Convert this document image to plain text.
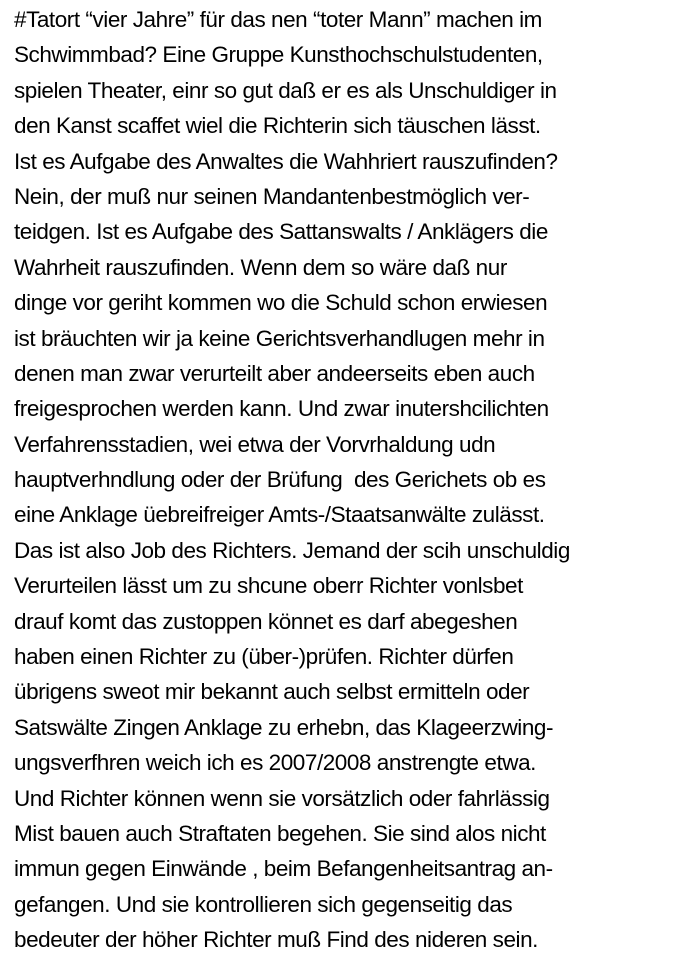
#Tatort “vier Jahre” für das nen “toter Mann” machen im
Schwimmbad? Eine Gruppe Kunsthochschulstudenten,
spielen Theater, einr so gut daß er es als Unschuldiger in
den Kanst scaffet wiel die Richterin sich täuschen lässt.
Ist es Aufgabe des Anwaltes die Wahhriert rauszufinden?
Nein, der muß nur seinen Mandantenbestmöglich ver-
teidgen. Ist es Aufgabe des Sattanswalts / Anklägers die
Wahrheit rauszufinden. Wenn dem so wäre daß nur
dinge vor geriht kommen wo die Schuld schon erwiesen
ist bräuchten wir ja keine Gerichtsverhandlugen mehr in
denen man zwar verurteilt aber andeerseits eben auch
freigesprochen werden kann. Und zwar inutershcilichten
Verfahrensstadien, wei etwa der Vorvrhaldung udn
hauptverhndlung oder der Brüfung  des Gerichets ob es
eine Anklage üebreifreiger Amts-/Staatsanwälte zulässt.
Das ist also Job des Richters. Jemand der scih unschuldig
Verurteilen lässt um zu shcune oberr Richter vonlsbet
drauf komt das zustoppen könnet es darf abegeshen
haben einen Richter zu (über-)prüfen. Richter dürfen
übrigens sweot mir bekannt auch selbst ermitteln oder
Satswälte Zingen Anklage zu erhebn, das Klageerzwing-
ungsverfhren weich ich es 2007/2008 anstrengte etwa.
Und Richter können wenn sie vorsätzlich oder fahrlässig
Mist bauen auch Straftaten begehen. Sie sind alos nicht
immun gegen Einwände , beim Befangenheitsantrag an-
gefangen. Und sie kontrollieren sich gegenseitig das
bedeuter der höher Richter muß Find des nideren sein.
